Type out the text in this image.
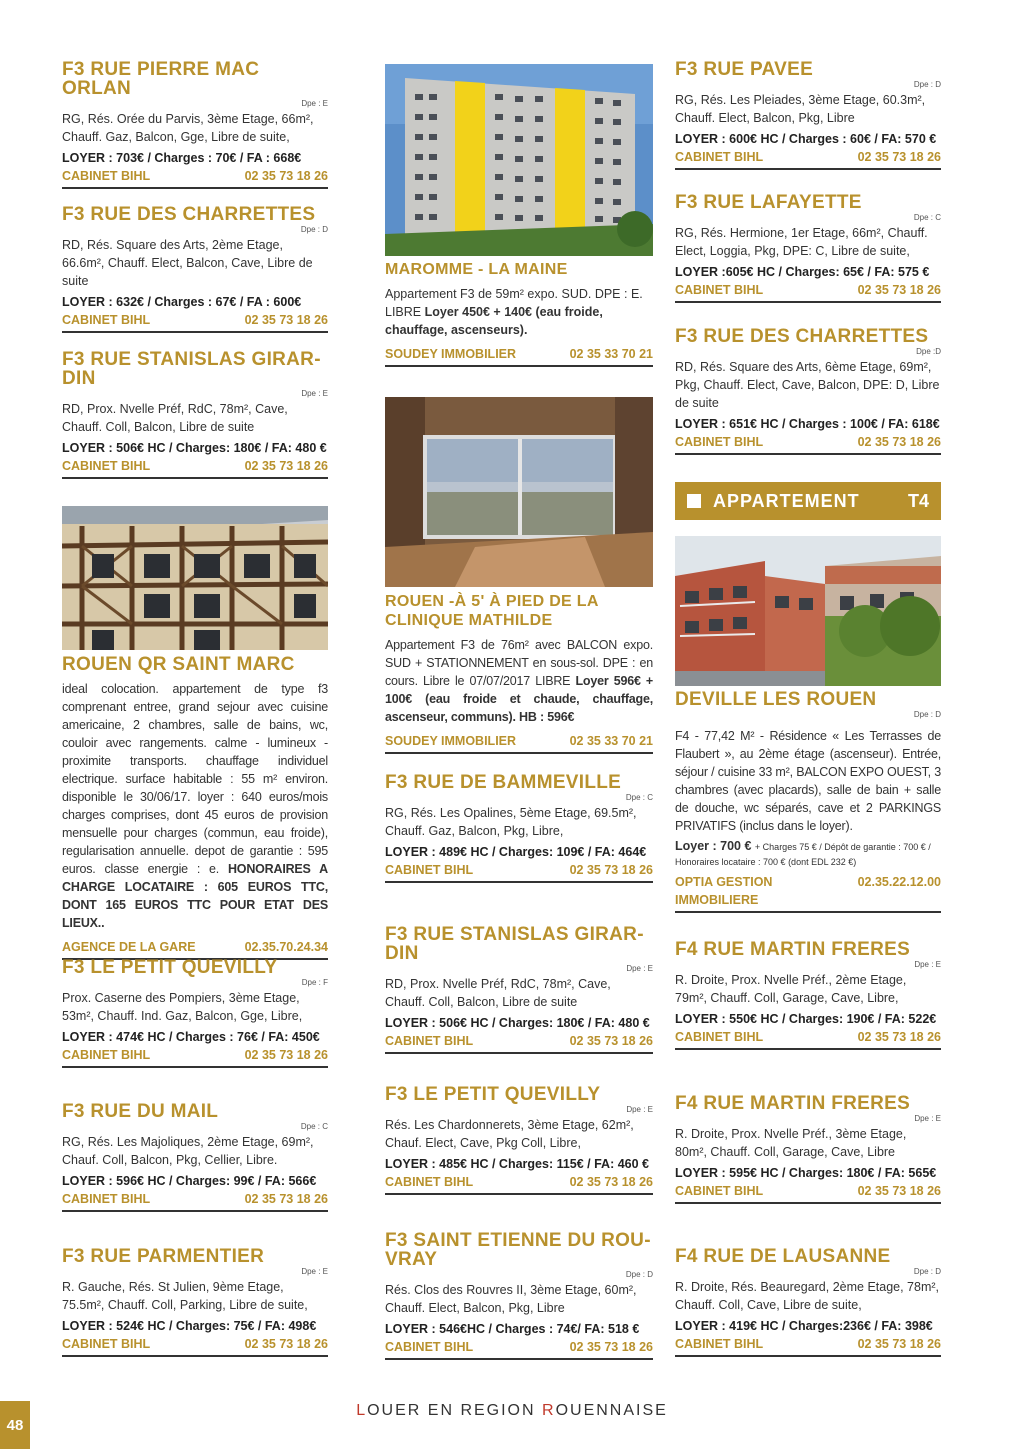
F3 RUE PIERRE MAC ORLAN
Dpe : E
RG, Rés. Orée du Parvis, 3ème Etage, 66m², Chauff. Gaz, Balcon, Gge, Libre de suite,
LOYER : 703€ / Charges : 70€ / FA : 668€
CABINET BIHL	02 35 73 18 26
F3 RUE DES CHARRETTES
Dpe : D
RD, Rés. Square des Arts, 2ème Etage, 66.6m², Chauff. Elect, Balcon, Cave, Libre de suite
LOYER : 632€ / Charges : 67€ / FA : 600€
CABINET BIHL	02 35 73 18 26
F3 RUE STANISLAS GIRAR-DIN
Dpe : E
RD, Prox. Nvelle Préf, RdC, 78m², Cave, Chauff. Coll, Balcon, Libre de suite
LOYER : 506€ HC / Charges: 180€ / FA: 480 €
CABINET BIHL	02 35 73 18 26
ROUEN QR SAINT MARC
ideal colocation. appartement de type f3 comprenant entree, grand sejour avec cuisine americaine, 2 chambres, salle de bains, wc, couloir avec rangements. calme - lumineux - proximite transports. chauffage individuel electrique. surface habitable : 55 m² environ. disponible le 30/06/17. loyer : 640 euros/mois charges comprises, dont 45 euros de provision mensuelle pour charges (commun, eau froide), regularisation annuelle. depot de garantie : 595 euros. classe energie : e. HONORAIRES A CHARGE LOCATAIRE : 605 EUROS TTC, DONT 165 EUROS TTC POUR ETAT DES LIEUX..
AGENCE DE LA GARE	02.35.70.24.34
F3 LE PETIT QUEVILLY
Dpe : F
Prox. Caserne des Pompiers, 3ème Etage, 53m², Chauff. Ind. Gaz, Balcon, Gge, Libre,
LOYER : 474€ HC / Charges : 76€ / FA: 450€
CABINET BIHL	02 35 73 18 26
F3 RUE DU MAIL
Dpe : C
RG, Rés. Les Majoliques, 2ème Etage, 69m², Chauf. Coll, Balcon, Pkg, Cellier, Libre.
LOYER : 596€ HC / Charges: 99€ / FA: 566€
CABINET BIHL	02 35 73 18 26
F3 RUE PARMENTIER
Dpe : E
R. Gauche, Rés. St Julien, 9ème Etage, 75.5m², Chauff. Coll, Parking, Libre de suite,
LOYER : 524€ HC / Charges: 75€ / FA: 498€
CABINET BIHL	02 35 73 18 26
MAROMME - LA MAINE
Appartement F3 de 59m² expo. SUD. DPE : E. LIBRE Loyer 450€ + 140€ (eau froide, chauffage, ascenseurs).
SOUDEY IMMOBILIER	02 35 33 70 21
ROUEN -À 5' À PIED DE LA CLINIQUE MATHILDE
Appartement F3 de 76m² avec BALCON expo. SUD + STATIONNEMENT en sous-sol. DPE : en cours. Libre le 07/07/2017 LIBRE Loyer 596€ + 100€ (eau froide et chaude, chauffage, ascenseur, communs). HB : 596€
SOUDEY IMMOBILIER	02 35 33 70 21
F3 RUE DE BAMMEVILLE
Dpe : C
RG, Rés. Les Opalines, 5ème Etage, 69.5m², Chauff. Gaz, Balcon, Pkg, Libre,
LOYER : 489€ HC / Charges: 109€ / FA: 464€
CABINET BIHL	02 35 73 18 26
F3 RUE STANISLAS GIRAR-DIN
Dpe : E
RD, Prox. Nvelle Préf, RdC, 78m², Cave, Chauff. Coll, Balcon, Libre de suite
LOYER : 506€ HC / Charges: 180€ / FA: 480 €
CABINET BIHL	02 35 73 18 26
F3 LE PETIT QUEVILLY
Dpe : E
Rés. Les Chardonnerets, 3ème Etage, 62m², Chauf. Elect, Cave, Pkg Coll, Libre,
LOYER : 485€ HC / Charges: 115€ / FA: 460 €
CABINET BIHL	02 35 73 18 26
F3 SAINT ETIENNE DU ROU-VRAY
Dpe : D
Rés. Clos des Rouvres II, 3ème Etage, 60m², Chauff. Elect, Balcon, Pkg, Libre
LOYER : 546€HC / Charges : 74€/ FA: 518 €
CABINET BIHL	02 35 73 18 26
F3 RUE PAVEE
Dpe : D
RG, Rés. Les Pleiades, 3ème Etage, 60.3m², Chauff. Elect, Balcon, Pkg, Libre
LOYER : 600€ HC / Charges : 60€ / FA: 570 €
CABINET BIHL	02 35 73 18 26
F3 RUE LAFAYETTE
Dpe : C
RG, Rés. Hermione, 1er Etage, 66m², Chauff. Elect, Loggia, Pkg, DPE: C, Libre de suite,
LOYER :605€ HC / Charges: 65€ / FA: 575 €
CABINET BIHL	02 35 73 18 26
F3 RUE DES CHARRETTES
Dpe :D
RD, Rés. Square des Arts, 6ème Etage, 69m², Pkg, Chauff. Elect, Cave, Balcon, DPE: D, Libre de suite
LOYER : 651€ HC / Charges : 100€ / FA: 618€
CABINET BIHL	02 35 73 18 26
APPARTEMENT	T4
DEVILLE LES ROUEN
Dpe : D
F4 - 77,42 M² - Résidence « Les Terrasses de Flaubert », au 2ème étage (ascenseur). Entrée, séjour / cuisine 33 m², BALCON EXPO OUEST, 3 chambres (avec placards), salle de bain + salle de douche, wc séparés, cave et 2 PARKINGS PRIVATIFS (inclus dans le loyer).
Loyer : 700 € + Charges 75 € / Dépôt de garantie : 700 € / Honoraires locataire : 700 € (dont EDL 232 €)
OPTIA GESTION IMMOBILIERE
02.35.22.12.00
F4 RUE MARTIN FRERES
Dpe : E
R. Droite, Prox. Nvelle Préf., 2ème Etage, 79m², Chauff. Coll, Garage, Cave, Libre,
LOYER : 550€ HC / Charges: 190€ / FA: 522€
CABINET BIHL	02 35 73 18 26
F4 RUE MARTIN FRERES
Dpe : E
R. Droite, Prox. Nvelle Préf., 3ème Etage, 80m², Chauff. Coll, Garage, Cave, Libre
LOYER : 595€ HC / Charges: 180€ / FA: 565€
CABINET BIHL	02 35 73 18 26
F4 RUE DE LAUSANNE
Dpe : D
R. Droite, Rés. Beauregard, 2ème Etage, 78m², Chauff. Coll, Cave, Libre de suite,
LOYER : 419€ HC / Charges:236€ / FA: 398€
CABINET BIHL	02 35 73 18 26
48
LOUER EN REGION ROUENNAISE
